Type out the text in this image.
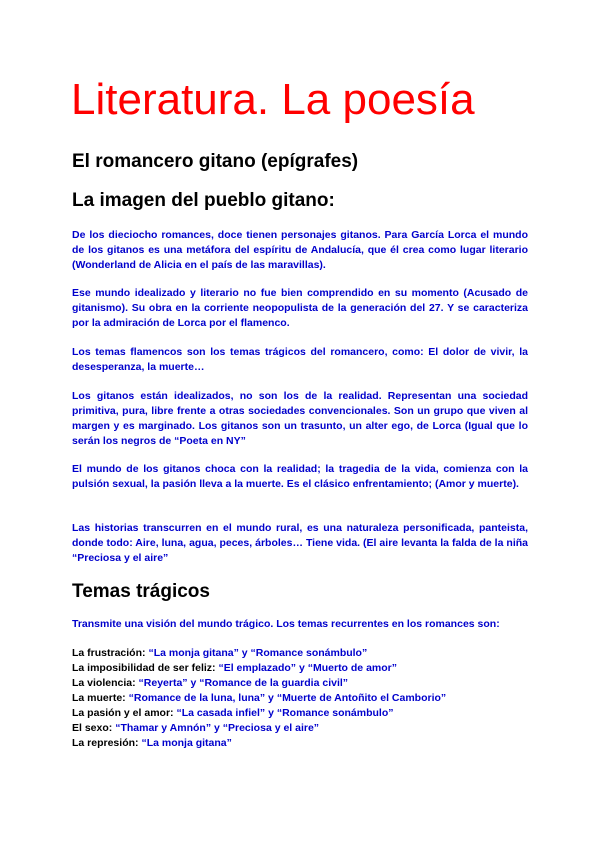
Literatura. La poesía
El romancero gitano (epígrafes)
La imagen del pueblo gitano:

De los dieciocho romances, doce tienen personajes gitanos. Para García Lorca el mundo de los gitanos es una metáfora del espíritu de Andalucía, que él crea como lugar literario (Wonderland de Alicia en el país de las maravillas).

Ese mundo idealizado y literario no fue bien comprendido en su momento (Acusado de gitanismo). Su obra en la corriente neopopulista de la generación del 27. Y se caracteriza por la admiración de Lorca por el flamenco.

Los temas flamencos son los temas trágicos del romancero, como: El dolor de vivir, la desesperanza, la muerte…

Los gitanos están idealizados, no son los de la realidad. Representan una sociedad primitiva, pura, libre frente a otras sociedades convencionales. Son un grupo que viven al margen y es marginado. Los gitanos son un trasunto, un alter ego, de Lorca (Igual que lo serán los negros de “Poeta en NY”

El mundo de los gitanos choca con la realidad; la tragedia de la vida, comienza con la pulsión sexual, la pasión lleva a la muerte. Es el clásico enfrentamiento; (Amor y muerte).

Las historias transcurren en el mundo rural, es una naturaleza personificada, panteista, donde todo: Aire, luna, agua, peces, árboles… Tiene vida. (El aire levanta la falda de la niña “Preciosa y el aire”

Temas trágicos

Transmite una visión del mundo trágico. Los temas recurrentes en los romances son:

La frustración: “La monja gitana” y “Romance sonámbulo”
La imposibilidad de ser feliz: “El emplazado” y “Muerto de amor”
La violencia: “Reyerta” y “Romance de la guardia civil”
La muerte: “Romance de la luna, luna” y “Muerte de Antoñito el Camborio”
La pasión y el amor: “La casada infiel” y “Romance sonámbulo”
El sexo: “Thamar y Amnón” y “Preciosa y el aire”
La represión: “La monja gitana”
